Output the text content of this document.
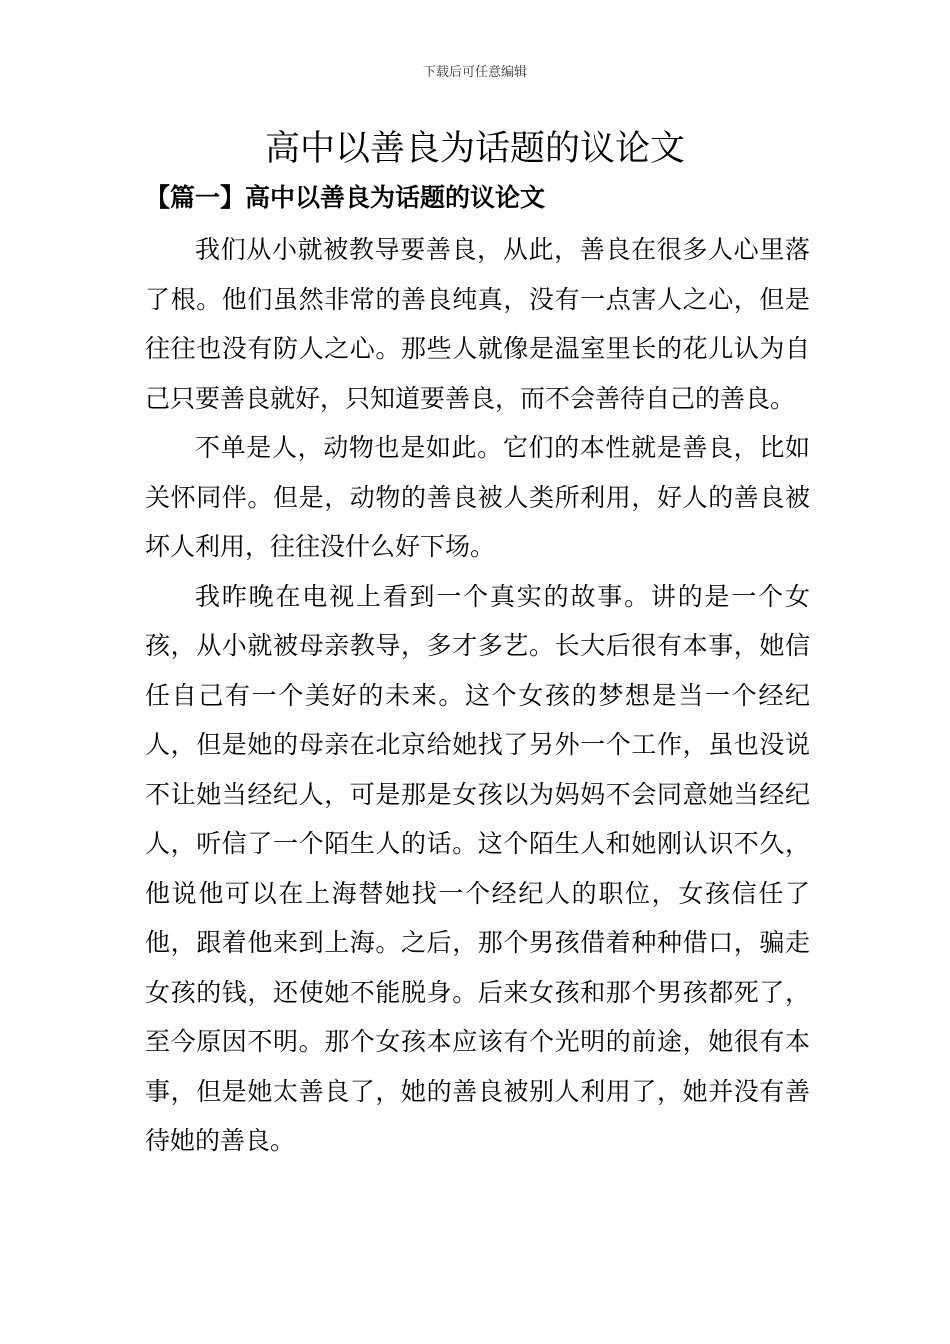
下载后可任意编辑
高中以善良为话题的议论文
【篇一】高中以善良为话题的议论文

我们从小就被教导要善良，从此，善良在很多人心里落了根。他们虽然非常的善良纯真，没有一点害人之心，但是往往也没有防人之心。那些人就像是温室里长的花儿认为自己只要善良就好，只知道要善良，而不会善待自己的善良。

不单是人，动物也是如此。它们的本性就是善良，比如关怀同伴。但是，动物的善良被人类所利用，好人的善良被坏人利用，往往没什么好下场。

我昨晚在电视上看到一个真实的故事。讲的是一个女孩，从小就被母亲教导，多才多艺。长大后很有本事，她信任自己有一个美好的未来。这个女孩的梦想是当一个经纪人，但是她的母亲在北京给她找了另外一个工作，虽也没说不让她当经纪人，可是那是女孩以为妈妈不会同意她当经纪人，听信了一个陌生人的话。这个陌生人和她刚认识不久，他说他可以在上海替她找一个经纪人的职位，女孩信任了他，跟着他来到上海。之后，那个男孩借着种种借口，骗走女孩的钱，还使她不能脱身。后来女孩和那个男孩都死了，至今原因不明。那个女孩本应该有个光明的前途，她很有本事，但是她太善良了，她的善良被别人利用了，她并没有善待她的善良。
